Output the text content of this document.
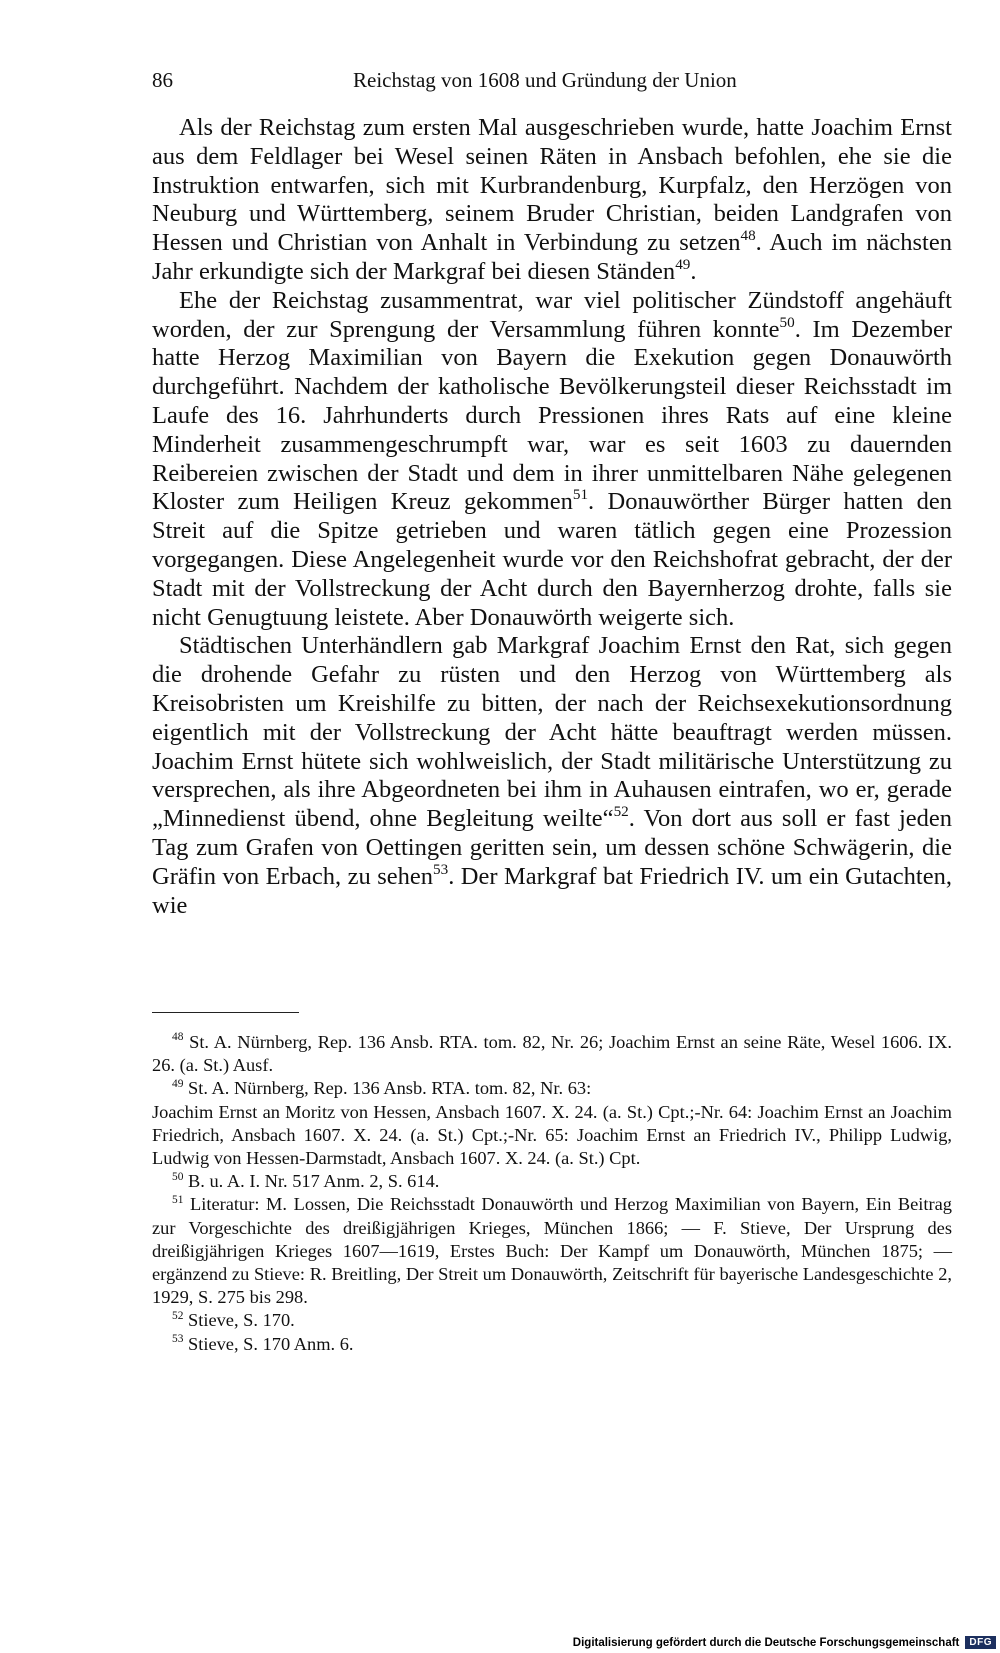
86	Reichstag von 1608 und Gründung der Union

Als der Reichstag zum ersten Mal ausgeschrieben wurde, hatte Joachim Ernst aus dem Feldlager bei Wesel seinen Räten in Ansbach befohlen, ehe sie die Instruktion entwarfen, sich mit Kurbrandenburg, Kurpfalz, den Herzögen von Neuburg und Württemberg, seinem Bruder Christian, beiden Landgrafen von Hessen und Christian von Anhalt in Verbindung zu setzen$^{48}$. Auch im nächsten Jahr erkundigte sich der Markgraf bei diesen Ständen$^{49}$.

Ehe der Reichstag zusammentrat, war viel politischer Zündstoff angehäuft worden, der zur Sprengung der Versammlung führen konnte$^{50}$. Im Dezember hatte Herzog Maximilian von Bayern die Exekution gegen Donauwörth durchgeführt. Nachdem der katholische Bevölkerungsteil dieser Reichsstadt im Laufe des 16. Jahrhunderts durch Pressionen ihres Rats auf eine kleine Minderheit zusammengeschrumpft war, war es seit 1603 zu dauernden Reibereien zwischen der Stadt und dem in ihrer unmittelbaren Nähe gelegenen Kloster zum Heiligen Kreuz gekommen$^{51}$. Donauwörther Bürger hatten den Streit auf die Spitze getrieben und waren tätlich gegen eine Prozession vorgegangen. Diese Angelegenheit wurde vor den Reichshofrat gebracht, der der Stadt mit der Vollstreckung der Acht durch den Bayernherzog drohte, falls sie nicht Genugtuung leistete. Aber Donauwörth weigerte sich.

Städtischen Unterhändlern gab Markgraf Joachim Ernst den Rat, sich gegen die drohende Gefahr zu rüsten und den Herzog von Württemberg als Kreisobristen um Kreishilfe zu bitten, der nach der Reichsexekutionsordnung eigentlich mit der Vollstreckung der Acht hätte beauftragt werden müssen. Joachim Ernst hütete sich wohlweislich, der Stadt militärische Unterstützung zu versprechen, als ihre Abgeordneten bei ihm in Auhausen eintrafen, wo er, gerade „Minnedienst übend, ohne Begleitung weilte“$^{52}$. Von dort aus soll er fast jeden Tag zum Grafen von Oettingen geritten sein, um dessen schöne Schwägerin, die Gräfin von Erbach, zu sehen$^{53}$. Der Markgraf bat Friedrich IV. um ein Gutachten, wie

$^{48}$ St. A. Nürnberg, Rep. 136 Ansb. RTA. tom. 82, Nr. 26; Joachim Ernst an seine Räte, Wesel 1606. IX. 26. (a. St.) Ausf.

$^{49}$ St. A. Nürnberg, Rep. 136 Ansb. RTA. tom. 82, Nr. 63:

Joachim Ernst an Moritz von Hessen, Ansbach 1607. X. 24. (a. St.) Cpt.;-Nr. 64: Joachim Ernst an Joachim Friedrich, Ansbach 1607. X. 24. (a. St.) Cpt.;-Nr. 65: Joachim Ernst an Friedrich IV., Philipp Ludwig, Ludwig von Hessen-Darmstadt, Ansbach 1607. X. 24. (a. St.) Cpt.

$^{50}$ B. u. A. I. Nr. 517 Anm. 2, S. 614.

$^{51}$ Literatur: M. Lossen, Die Reichsstadt Donauwörth und Herzog Maximilian von Bayern, Ein Beitrag zur Vorgeschichte des dreißigjährigen Krieges, München 1866; — F. Stieve, Der Ursprung des dreißigjährigen Krieges 1607—1619, Erstes Buch: Der Kampf um Donauwörth, München 1875; — ergänzend zu Stieve: R. Breitling, Der Streit um Donauwörth, Zeitschrift für bayerische Landesgeschichte 2, 1929, S. 275 bis 298.

$^{52}$ Stieve, S. 170.

$^{53}$ Stieve, S. 170 Anm. 6.

Digitalisierung gefördert durch die Deutsche Forschungsgemeinschaft	DFG
